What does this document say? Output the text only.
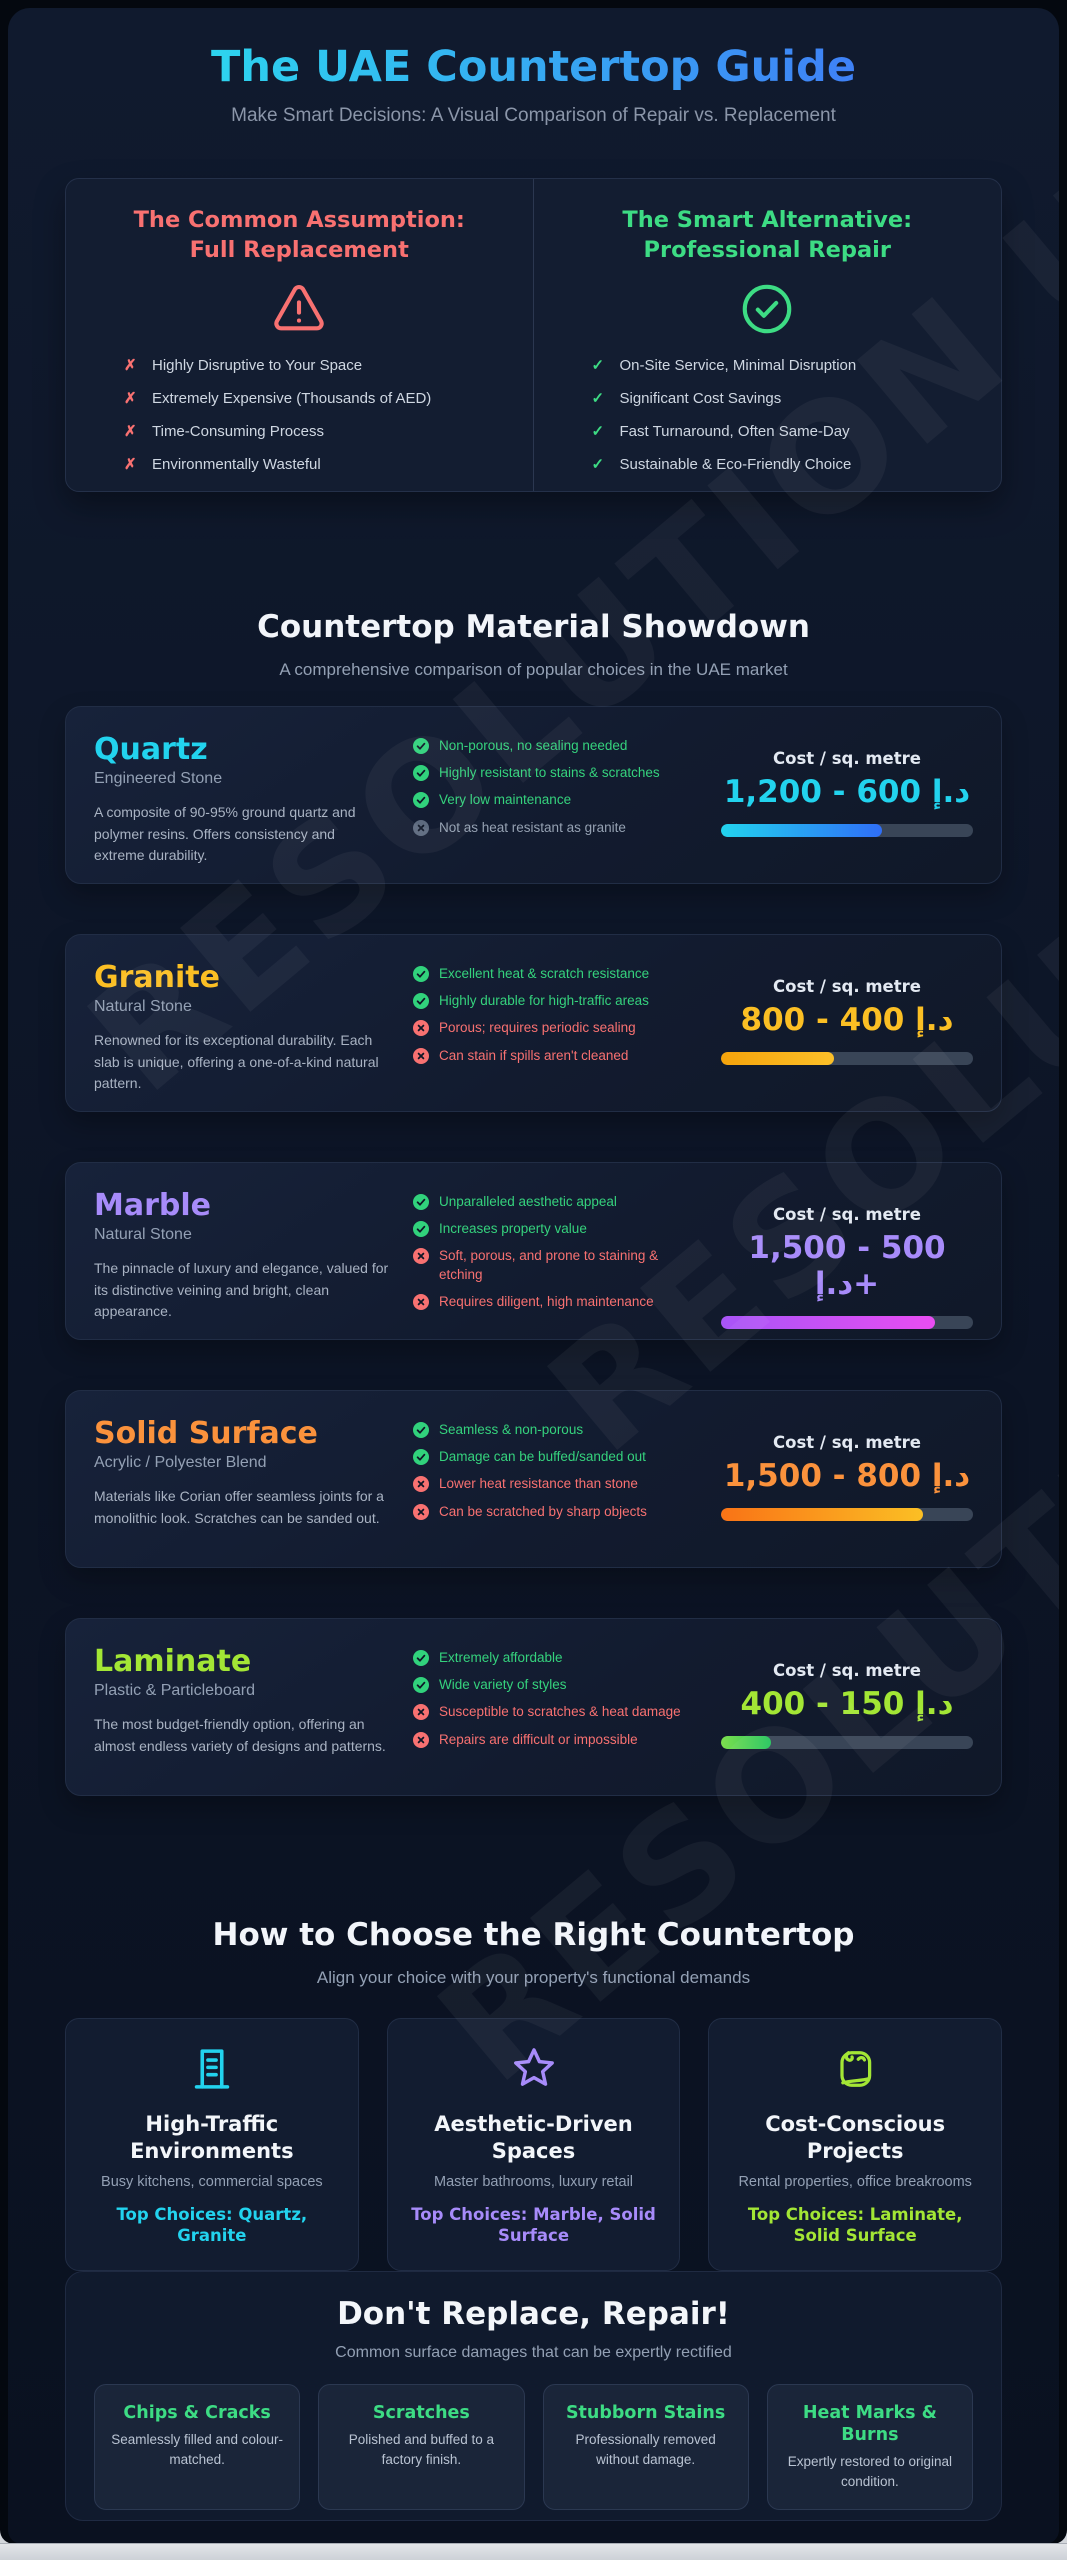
The UAE Countertop Guide
Make Smart Decisions: A Visual Comparison of Repair vs. Replacement
The Common Assumption:
Full Replacement
✗ Highly Disruptive to Your Space
✗ Extremely Expensive (Thousands of AED)
✗ Time-Consuming Process
✗ Environmentally Wasteful
The Smart Alternative:
Professional Repair
✓ On-Site Service, Minimal Disruption
✓ Significant Cost Savings
✓ Fast Turnaround, Often Same-Day
✓ Sustainable & Eco-Friendly Choice
Countertop Material Showdown
A comprehensive comparison of popular choices in the UAE market
Quartz
Engineered Stone

A composite of 90-95% ground quartz and polymer resins. Offers consistency and extreme durability.

Non-porous, no sealing needed
Highly resistant to stains & scratches
Very low maintenance
Not as heat resistant as granite
Cost / sq. metre
1,200 - 600 د.إ
Granite
Natural Stone

Renowned for its exceptional durability. Each slab is unique, offering a one-of-a-kind natural pattern.

Excellent heat & scratch resistance
Highly durable for high-traffic areas
Porous; requires periodic sealing
Can stain if spills aren't cleaned
Cost / sq. metre
800 - 400 د.إ
Marble
Natural Stone

The pinnacle of luxury and elegance, valued for its distinctive veining and bright, clean appearance.

Unparalleled aesthetic appeal
Increases property value
Soft, porous, and prone to staining & etching
Requires diligent, high maintenance
Cost / sq. metre
1,500 - 500 د.إ+
Solid Surface
Acrylic / Polyester Blend

Materials like Corian offer seamless joints for a monolithic look. Scratches can be sanded out.

Seamless & non-porous
Damage can be buffed/sanded out
Lower heat resistance than stone
Can be scratched by sharp objects
Cost / sq. metre
1,500 - 800 د.إ
Laminate
Plastic & Particleboard

The most budget-friendly option, offering an almost endless variety of designs and patterns.

Extremely affordable
Wide variety of styles
Susceptible to scratches & heat damage
Repairs are difficult or impossible
Cost / sq. metre
400 - 150 د.إ
How to Choose the Right Countertop
Align your choice with your property's functional demands
High-Traffic Environments
Busy kitchens, commercial spaces
Top Choices: Quartz, Granite
Aesthetic-Driven Spaces
Master bathrooms, luxury retail
Top Choices: Marble, Solid Surface
Cost-Conscious Projects
Rental properties, office breakrooms
Top Choices: Laminate, Solid Surface
Don't Replace, Repair!
Common surface damages that can be expertly rectified
Chips & Cracks
Seamlessly filled and colour-matched.
Scratches
Polished and buffed to a factory finish.
Stubborn Stains
Professionally removed without damage.
Heat Marks & Burns
Expertly restored to original condition.
